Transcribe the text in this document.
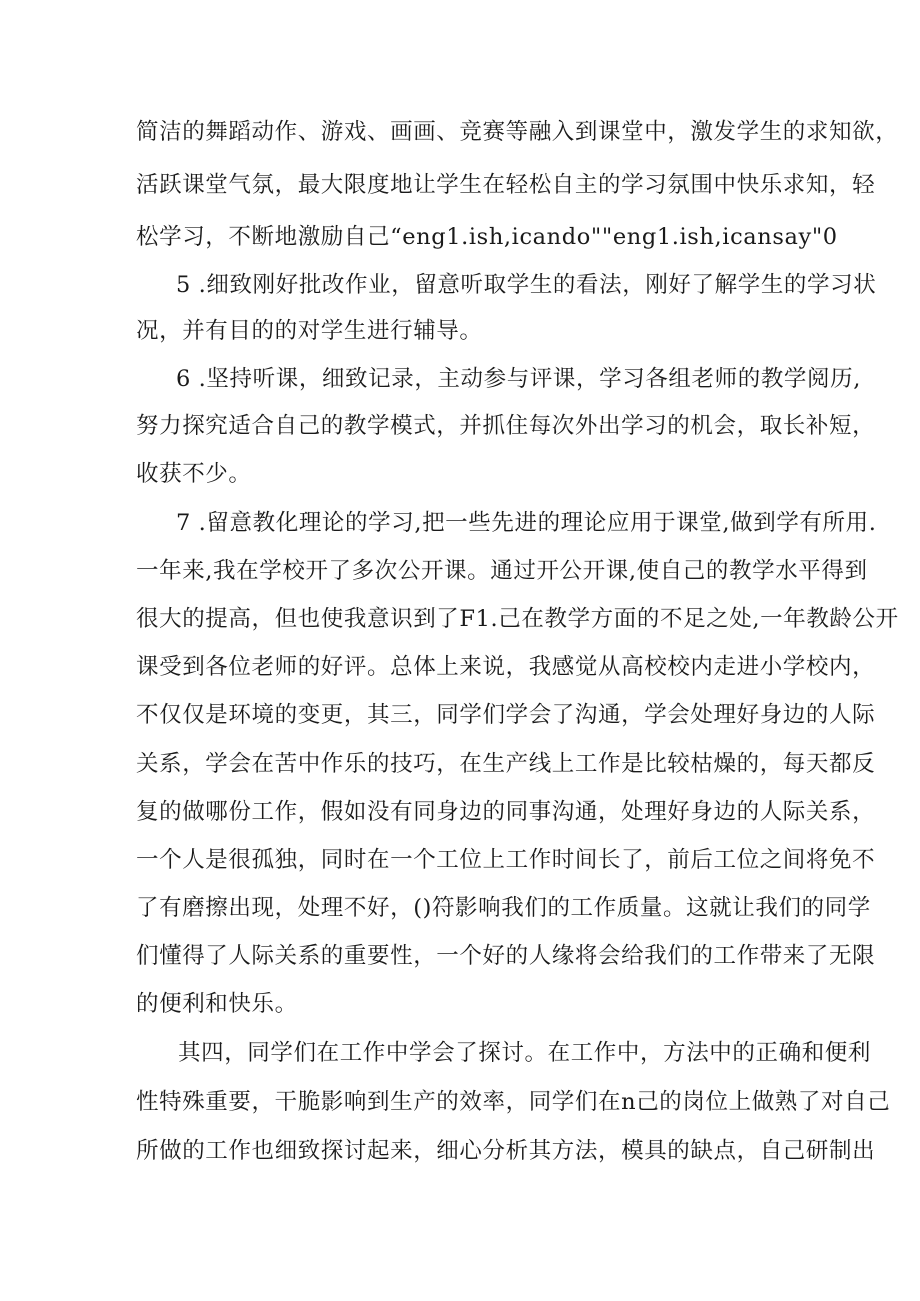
简洁的舞蹈动作、游戏、画画、竞赛等融入到课堂中，激发学生的求知欲，
活跃课堂气氛，最大限度地让学生在轻松自主的学习氛围中快乐求知，轻
松学习，不断地激励自己“eng1.ish,icando""eng1.ish,icansay"0
5 .细致刚好批改作业，留意听取学生的看法，刚好了解学生的学习状
况，并有目的的对学生进行辅导。
6 .坚持听课，细致记录，主动参与评课，学习各组老师的教学阅历,
努力探究适合自己的教学模式，并抓住每次外出学习的机会，取长补短，
收获不少。
7 .留意教化理论的学习,把一些先进的理论应用于课堂,做到学有所用.
一年来,我在学校开了多次公开课。通过开公开课,使自己的教学水平得到
很大的提高，但也使我意识到了F1.己在教学方面的不足之处,一年教龄公开
课受到各位老师的好评。总体上来说，我感觉从高校校内走进小学校内，
不仅仅是环境的变更，其三，同学们学会了沟通，学会处理好身边的人际
关系，学会在苦中作乐的技巧，在生产线上工作是比较枯燥的，每天都反
复的做哪份工作，假如没有同身边的同事沟通，处理好身边的人际关系，
一个人是很孤独，同时在一个工位上工作时间长了，前后工位之间将免不
了有磨擦出现，处理不好，()符影响我们的工作质量。这就让我们的同学
们懂得了人际关系的重要性，一个好的人缘将会给我们的工作带来了无限
的便利和快乐。
其四，同学们在工作中学会了探讨。在工作中，方法中的正确和便利
性特殊重要，干脆影响到生产的效率，同学们在n己的岗位上做熟了对自己
所做的工作也细致探讨起来，细心分析其方法，模具的缺点，自己研制出
